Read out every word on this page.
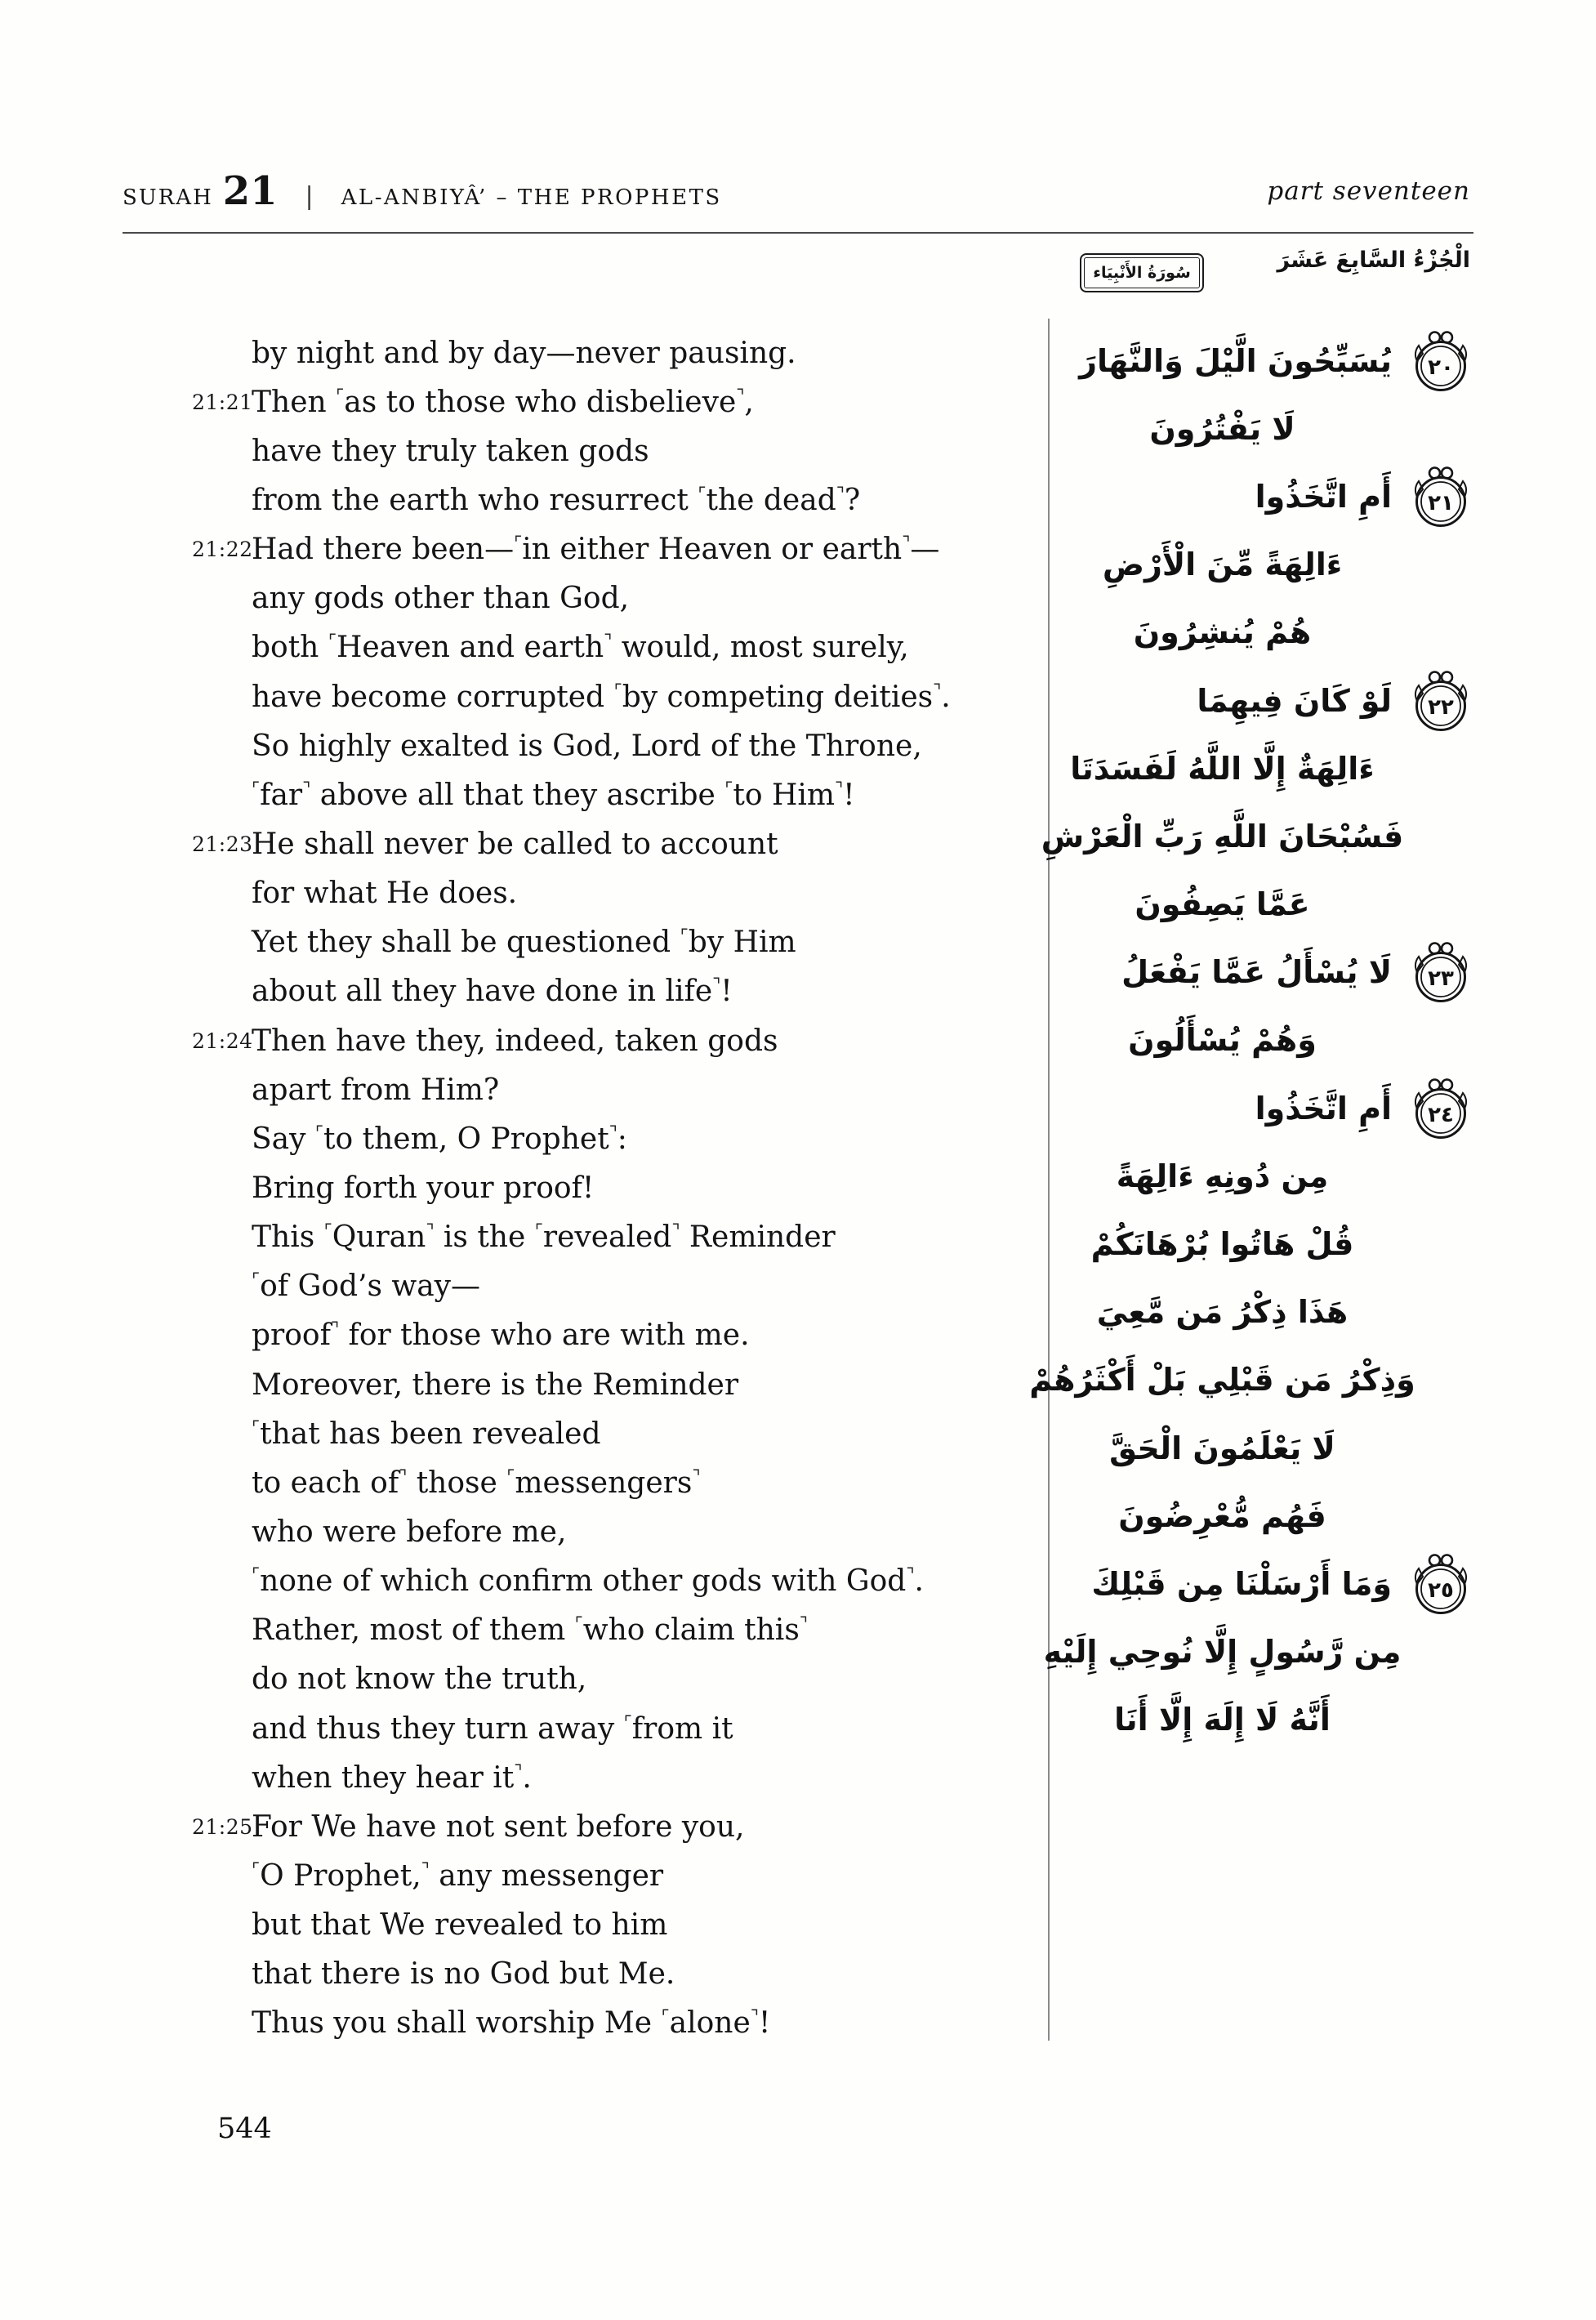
SURAH 21 | AL-ANBIYÂ’ – THE PROPHETS	part seventeen
الْجُزْءُ السَّابِعَ عَشَرَ
سُورَةُ الأَنْبِيَاء
by night and by day—never pausing.
21:21
Then ⌜as to those who disbelieve⌝,
have they truly taken gods
from the earth who resurrect ⌜the dead⌝?
21:22
Had there been—⌜in either Heaven or earth⌝—
any gods other than God,
both ⌜Heaven and earth⌝ would, most surely,
have become corrupted ⌜by competing deities⌝.
So highly exalted is God, Lord of the Throne,
⌜far⌝ above all that they ascribe ⌜to Him⌝!
21:23
He shall never be called to account
for what He does.
Yet they shall be questioned ⌜by Him
about all they have done in life⌝!
21:24
Then have they, indeed, taken gods
apart from Him?
Say ⌜to them, O Prophet⌝:
Bring forth your proof!
This ⌜Quran⌝ is the ⌜revealed⌝ Reminder
⌜of God’s way—
proof⌝ for those who are with me.
Moreover, there is the Reminder
⌜that has been revealed
to each of⌝ those ⌜messengers⌝
who were before me,
⌜none of which confirm other gods with God⌝.
Rather, most of them ⌜who claim this⌝
do not know the truth,
and thus they turn away ⌜from it
when they hear it⌝.
21:25
For We have not sent before you,
⌜O Prophet,⌝ any messenger
but that We revealed to him
that there is no God but Me.
Thus you shall worship Me ⌜alone⌝!
٢٠
يُسَبِّحُونَ الَّيْلَ وَالنَّهَارَ
لَا يَفْتُرُونَ
٢١
أَمِ اتَّخَذُوا
ءَالِهَةً مِّنَ الْأَرْضِ
هُمْ يُنشِرُونَ
٢٢
لَوْ كَانَ فِيهِمَا
ءَالِهَةٌ إِلَّا اللَّهُ لَفَسَدَتَا
فَسُبْحَانَ اللَّهِ رَبِّ الْعَرْشِ
عَمَّا يَصِفُونَ
٢٣
لَا يُسْأَلُ عَمَّا يَفْعَلُ
وَهُمْ يُسْأَلُونَ
٢٤
أَمِ اتَّخَذُوا
مِن دُونِهِ ءَالِهَةً
قُلْ هَاتُوا بُرْهَانَكُمْ
هَذَا ذِكْرُ مَن مَّعِيَ
وَذِكْرُ مَن قَبْلِي بَلْ أَكْثَرُهُمْ
لَا يَعْلَمُونَ الْحَقَّ
فَهُم مُّعْرِضُونَ
٢٥
وَمَا أَرْسَلْنَا مِن قَبْلِكَ
مِن رَّسُولٍ إِلَّا نُوحِي إِلَيْهِ
أَنَّهُ لَا إِلَهَ إِلَّا أَنَا
544
